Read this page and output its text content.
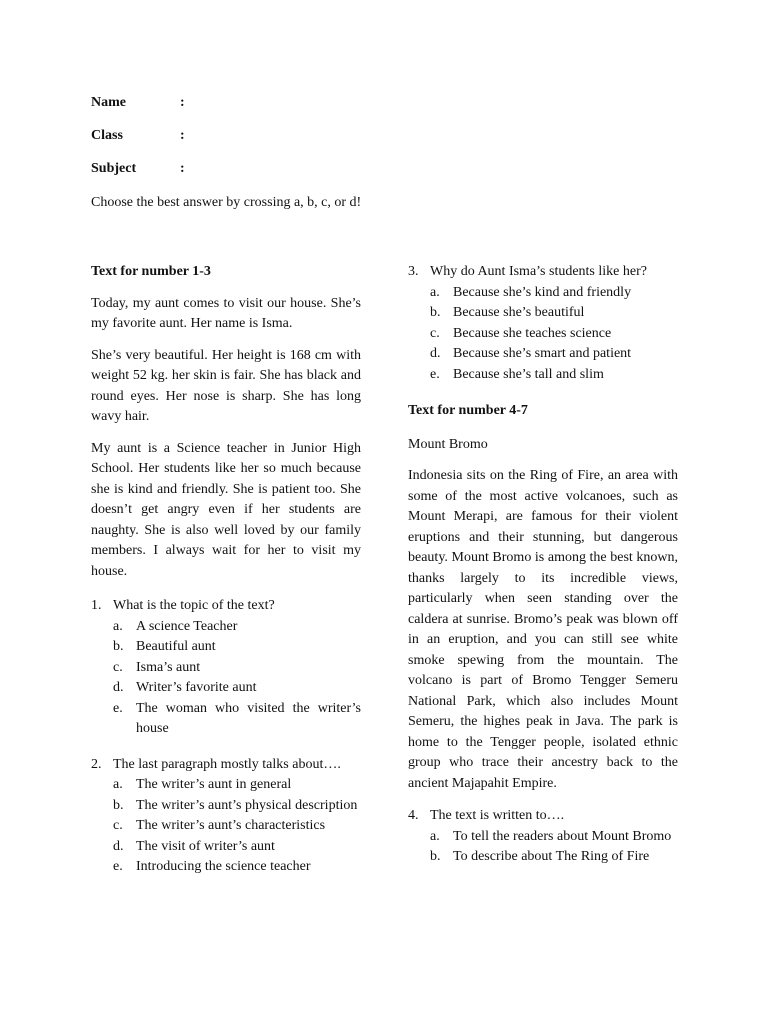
Name	:
Class	:
Subject	:
Choose the best answer by crossing a, b, c, or d!
Text for number 1-3

Today, my aunt comes to visit our house. She’s my favorite aunt. Her name is Isma.

She’s very beautiful. Her height is 168 cm with weight 52 kg. her skin is fair. She has black and round eyes. Her nose is sharp. She has long wavy hair.

My aunt is a Science teacher in Junior High School. Her students like her so much because she is kind and friendly. She is patient too. She doesn’t get angry even if her students are naughty. She is also well loved by our family members. I always wait for her to visit my house.

1. What is the topic of the text?
a. A science Teacher
b. Beautiful aunt
c. Isma’s aunt
d. Writer’s favorite aunt
e. The woman who visited the writer’s house
2. The last paragraph mostly talks about….
a. The writer’s aunt in general
b. The writer’s aunt’s physical description
c. The writer’s aunt’s characteristics
d. The visit of writer’s aunt
e. Introducing the science teacher
3. Why do Aunt Isma’s students like her?
a. Because she’s kind and friendly
b. Because she’s beautiful
c. Because she teaches science
d. Because she’s smart and patient
e. Because she’s tall and slim
Text for number 4-7
Mount Bromo

Indonesia sits on the Ring of Fire, an area with some of the most active volcanoes, such as Mount Merapi, are famous for their violent eruptions and their stunning, but dangerous beauty. Mount Bromo is among the best known, thanks largely to its incredible views, particularly when seen standing over the caldera at sunrise. Bromo’s peak was blown off in an eruption, and you can still see white smoke spewing from the mountain. The volcano is part of Bromo Tengger Semeru National Park, which also includes Mount Semeru, the highes peak in Java. The park is home to the Tengger people, isolated ethnic group who trace their ancestry back to the ancient Majapahit Empire.

4. The text is written to….
a. To tell the readers about Mount Bromo
b. To describe about The Ring of Fire
